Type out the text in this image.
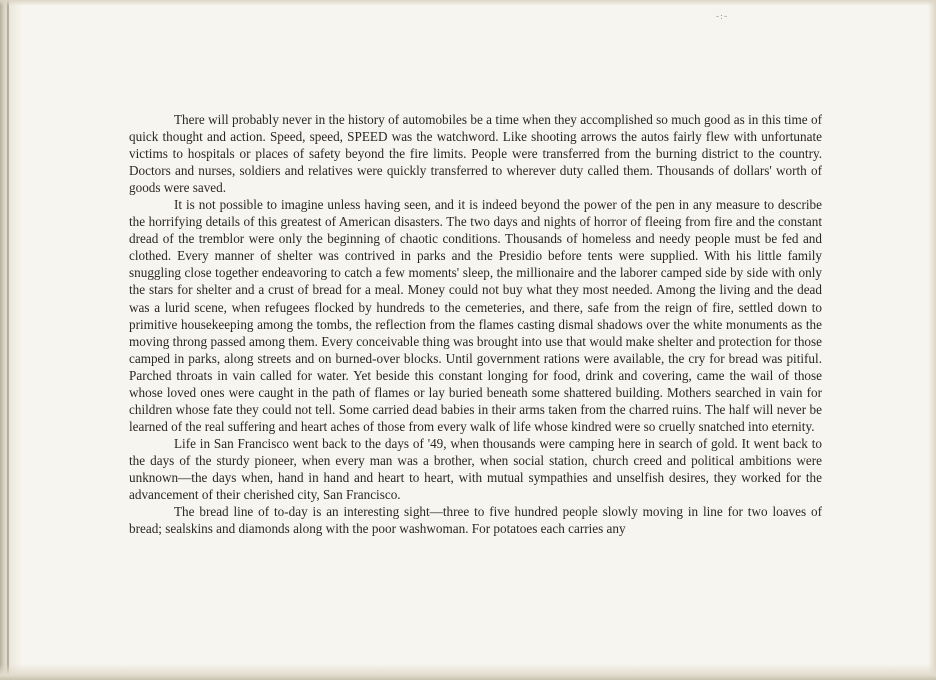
-:-

There will probably never in the history of automobiles be a time when they accomplished so much good as in this time of quick thought and action. Speed, speed, SPEED was the watchword. Like shooting arrows the autos fairly flew with unfortunate victims to hospitals or places of safety beyond the fire limits. People were transferred from the burning district to the country. Doctors and nurses, soldiers and relatives were quickly transferred to wherever duty called them. Thousands of dollars' worth of goods were saved.

It is not possible to imagine unless having seen, and it is indeed beyond the power of the pen in any measure to describe the horrifying details of this greatest of American disasters. The two days and nights of horror of fleeing from fire and the constant dread of the tremblor were only the beginning of chaotic conditions. Thousands of homeless and needy people must be fed and clothed. Every manner of shelter was contrived in parks and the Presidio before tents were supplied. With his little family snuggling close together endeavoring to catch a few moments' sleep, the millionaire and the laborer camped side by side with only the stars for shelter and a crust of bread for a meal. Money could not buy what they most needed. Among the living and the dead was a lurid scene, when refugees flocked by hundreds to the cemeteries, and there, safe from the reign of fire, settled down to primitive housekeeping among the tombs, the reflection from the flames casting dismal shadows over the white monuments as the moving throng passed among them. Every conceivable thing was brought into use that would make shelter and protection for those camped in parks, along streets and on burned-over blocks. Until government rations were available, the cry for bread was pitiful. Parched throats in vain called for water. Yet beside this constant longing for food, drink and covering, came the wail of those whose loved ones were caught in the path of flames or lay buried beneath some shattered building. Mothers searched in vain for children whose fate they could not tell. Some carried dead babies in their arms taken from the charred ruins. The half will never be learned of the real suffering and heart aches of those from every walk of life whose kindred were so cruelly snatched into eternity.

Life in San Francisco went back to the days of '49, when thousands were camping here in search of gold. It went back to the days of the sturdy pioneer, when every man was a brother, when social station, church creed and political ambitions were unknown—the days when, hand in hand and heart to heart, with mutual sympathies and unselfish desires, they worked for the advancement of their cherished city, San Francisco.

The bread line of to-day is an interesting sight—three to five hundred people slowly moving in line for two loaves of bread; sealskins and diamonds along with the poor washwoman. For potatoes each carries any
